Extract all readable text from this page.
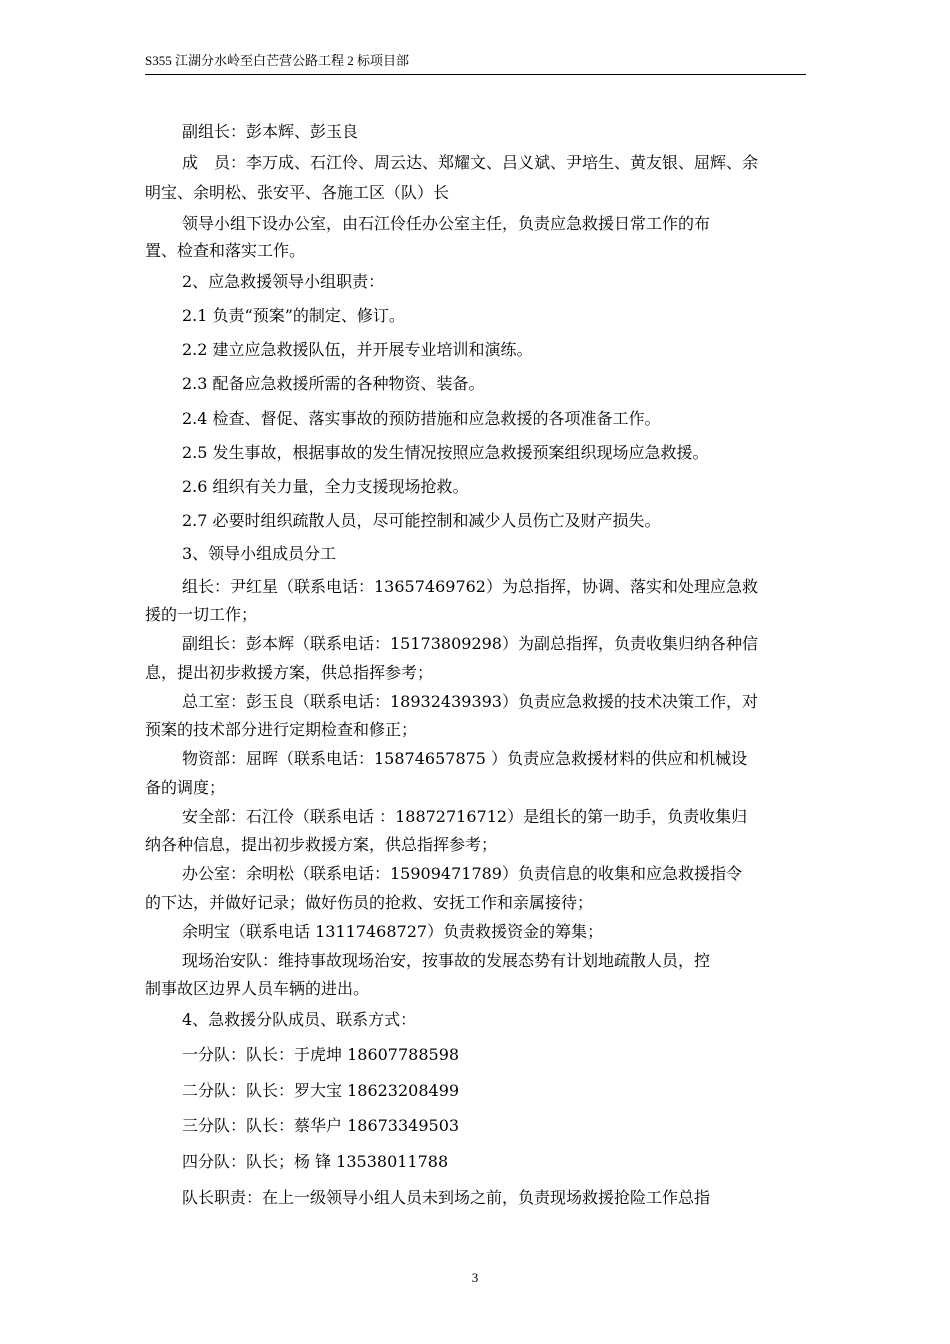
S355 江湖分水岭至白芒营公路工程 2 标项目部
副组长：彭本辉、彭玉良
成　员：李万成、石江伶、周云达、郑耀文、吕义斌、尹培生、黄友银、屈辉、余
明宝、余明松、张安平、各施工区（队）长
领导小组下设办公室，由石江伶任办公室主任，负责应急救援日常工作的布
置、检查和落实工作。
2、应急救援领导小组职责：
2.1 负责“预案”的制定、修订。
2.2 建立应急救援队伍，并开展专业培训和演练。
2.3 配备应急救援所需的各种物资、装备。
2.4 检查、督促、落实事故的预防措施和应急救援的各项准备工作。
2.5 发生事故，根据事故的发生情况按照应急救援预案组织现场应急救援。
2.6 组织有关力量，全力支援现场抢救。
2.7 必要时组织疏散人员，尽可能控制和减少人员伤亡及财产损失。
3、领导小组成员分工
组长：尹红星（联系电话：13657469762）为总指挥，协调、落实和处理应急救
援的一切工作；
副组长：彭本辉（联系电话：15173809298）为副总指挥，负责收集归纳各种信
息，提出初步救援方案，供总指挥参考；
总工室：彭玉良（联系电话：18932439393）负责应急救援的技术决策工作，对
预案的技术部分进行定期检查和修正；
物资部：屈晖（联系电话：15874657875 ）负责应急救援材料的供应和机械设
备的调度；
安全部：石江伶（联系电话 ：18872716712）是组长的第一助手，负责收集归
纳各种信息，提出初步救援方案，供总指挥参考；
办公室：余明松（联系电话：15909471789）负责信息的收集和应急救援指令
的下达，并做好记录；做好伤员的抢救、安抚工作和亲属接待；
余明宝（联系电话 13117468727）负责救援资金的筹集；
现场治安队：维持事故现场治安，按事故的发展态势有计划地疏散人员，控
制事故区边界人员车辆的进出。
4、急救援分队成员、联系方式：
一分队：队长：于虎坤 18607788598
二分队：队长：罗大宝 18623208499
三分队：队长：蔡华户 18673349503
四分队：队长；杨 锋 13538011788
队长职责：在上一级领导小组人员未到场之前，负责现场救援抢险工作总指
3
